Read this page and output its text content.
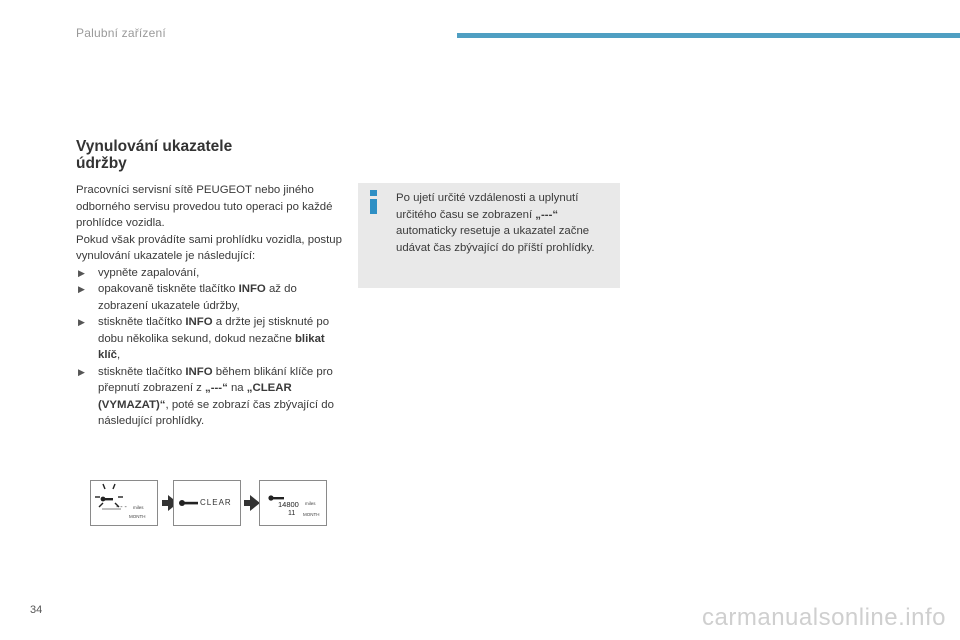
Palubní zařízení
Vynulování ukazatele
údržby

Pracovníci servisní sítě PEUGEOT nebo jiného odborného servisu provedou tuto operaci po každé prohlídce vozidla.

Pokud však provádíte sami prohlídku vozidla, postup vynulování ukazatele je následující:

▶ vypněte zapalování,
▶ opakovaně tiskněte tlačítko INFO až do zobrazení ukazatele údržby,
▶ stiskněte tlačítko INFO a držte jej stisknuté po dobu několika sekund, dokud nezačne blikat klíč,
▶ stiskněte tlačítko INFO během blikání klíče pro přepnutí zobrazení z „---“ na „CLEAR (VYMAZAT)“, poté se zobrazí čas zbývající do následující prohlídky.
Po ujetí určité vzdálenosti a uplynutí určitého času se zobrazení „---“ automaticky resetuje a ukazatel začne udávat čas zbývající do příští prohlídky.
- - - miles
MONTH
CLEAR	14800 miles
11 MONTH
34	carmanualsonline.info
